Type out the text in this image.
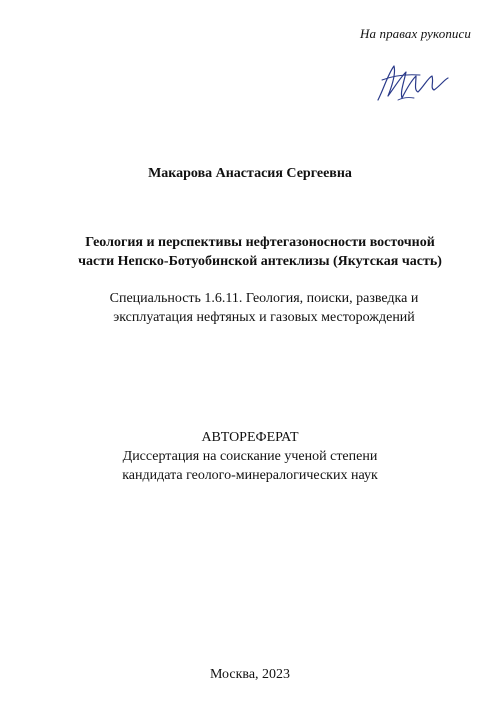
На правах рукописи
Макарова Анастасия Сергеевна
Геология и перспективы нефтегазоносности восточной
части Непско-Ботуобинской антеклизы (Якутская часть)
Специальность 1.6.11. Геология, поиски, разведка и
эксплуатация нефтяных и газовых месторождений
АВТОРЕФЕРАТ
Диссертация на соискание ученой степени
кандидата геолого-минералогических наук
Москва, 2023
